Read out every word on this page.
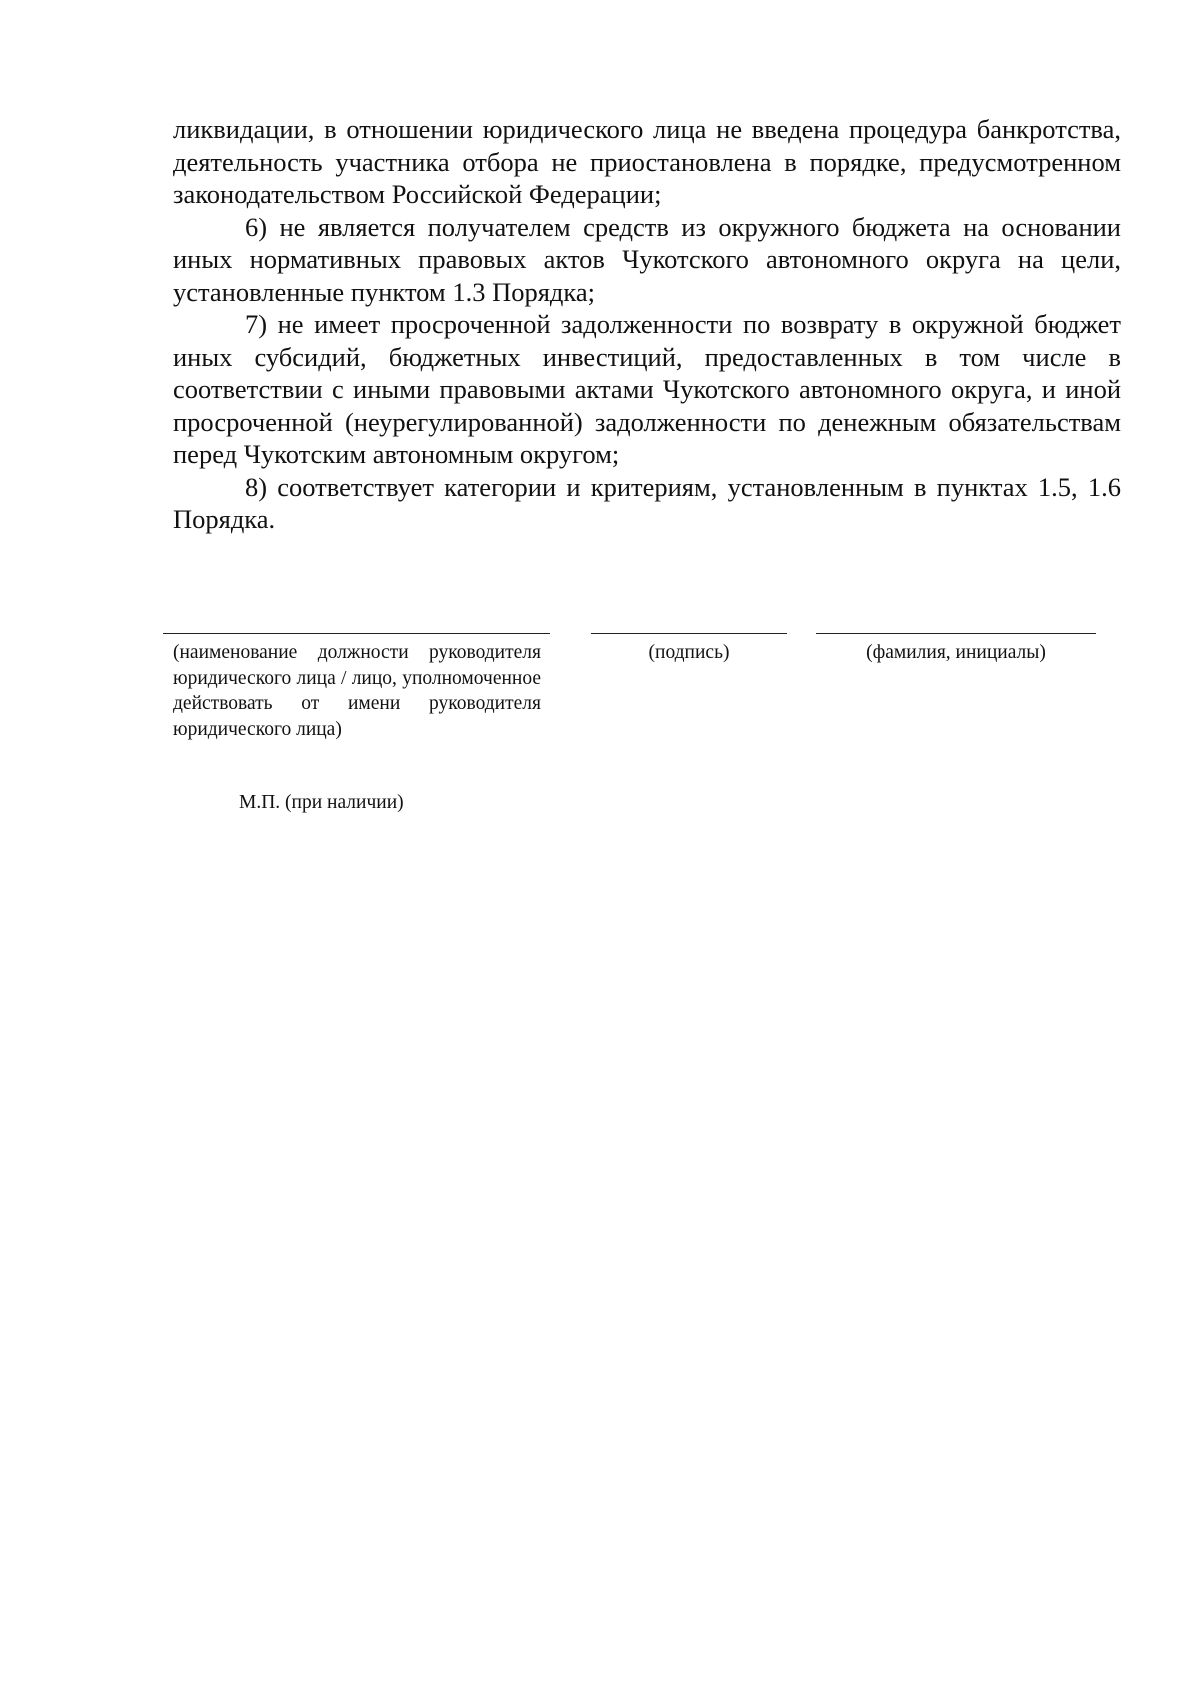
ликвидации, в отношении юридического лица не введена процедура банкротства, деятельность участника отбора не приостановлена в порядке, предусмотренном законодательством Российской Федерации;

6) не является получателем средств из окружного бюджета на основании иных нормативных правовых актов Чукотского автономного округа на цели, установленные пунктом 1.3 Порядка;

7) не имеет просроченной задолженности по возврату в окружной бюджет иных субсидий, бюджетных инвестиций, предоставленных в том числе в соответствии с иными правовыми актами Чукотского автономного округа, и иной просроченной (неурегулированной) задолженности по денежным обязательствам перед Чукотским автономным округом;

8) соответствует категории и критериям, установленным в пунктах 1.5, 1.6 Порядка.

(наименование должности руководителя юридического лица / лицо, уполномоченное действовать от имени руководителя юридического лица)
(подпись)	(фамилия, инициалы)
М.П. (при наличии)
